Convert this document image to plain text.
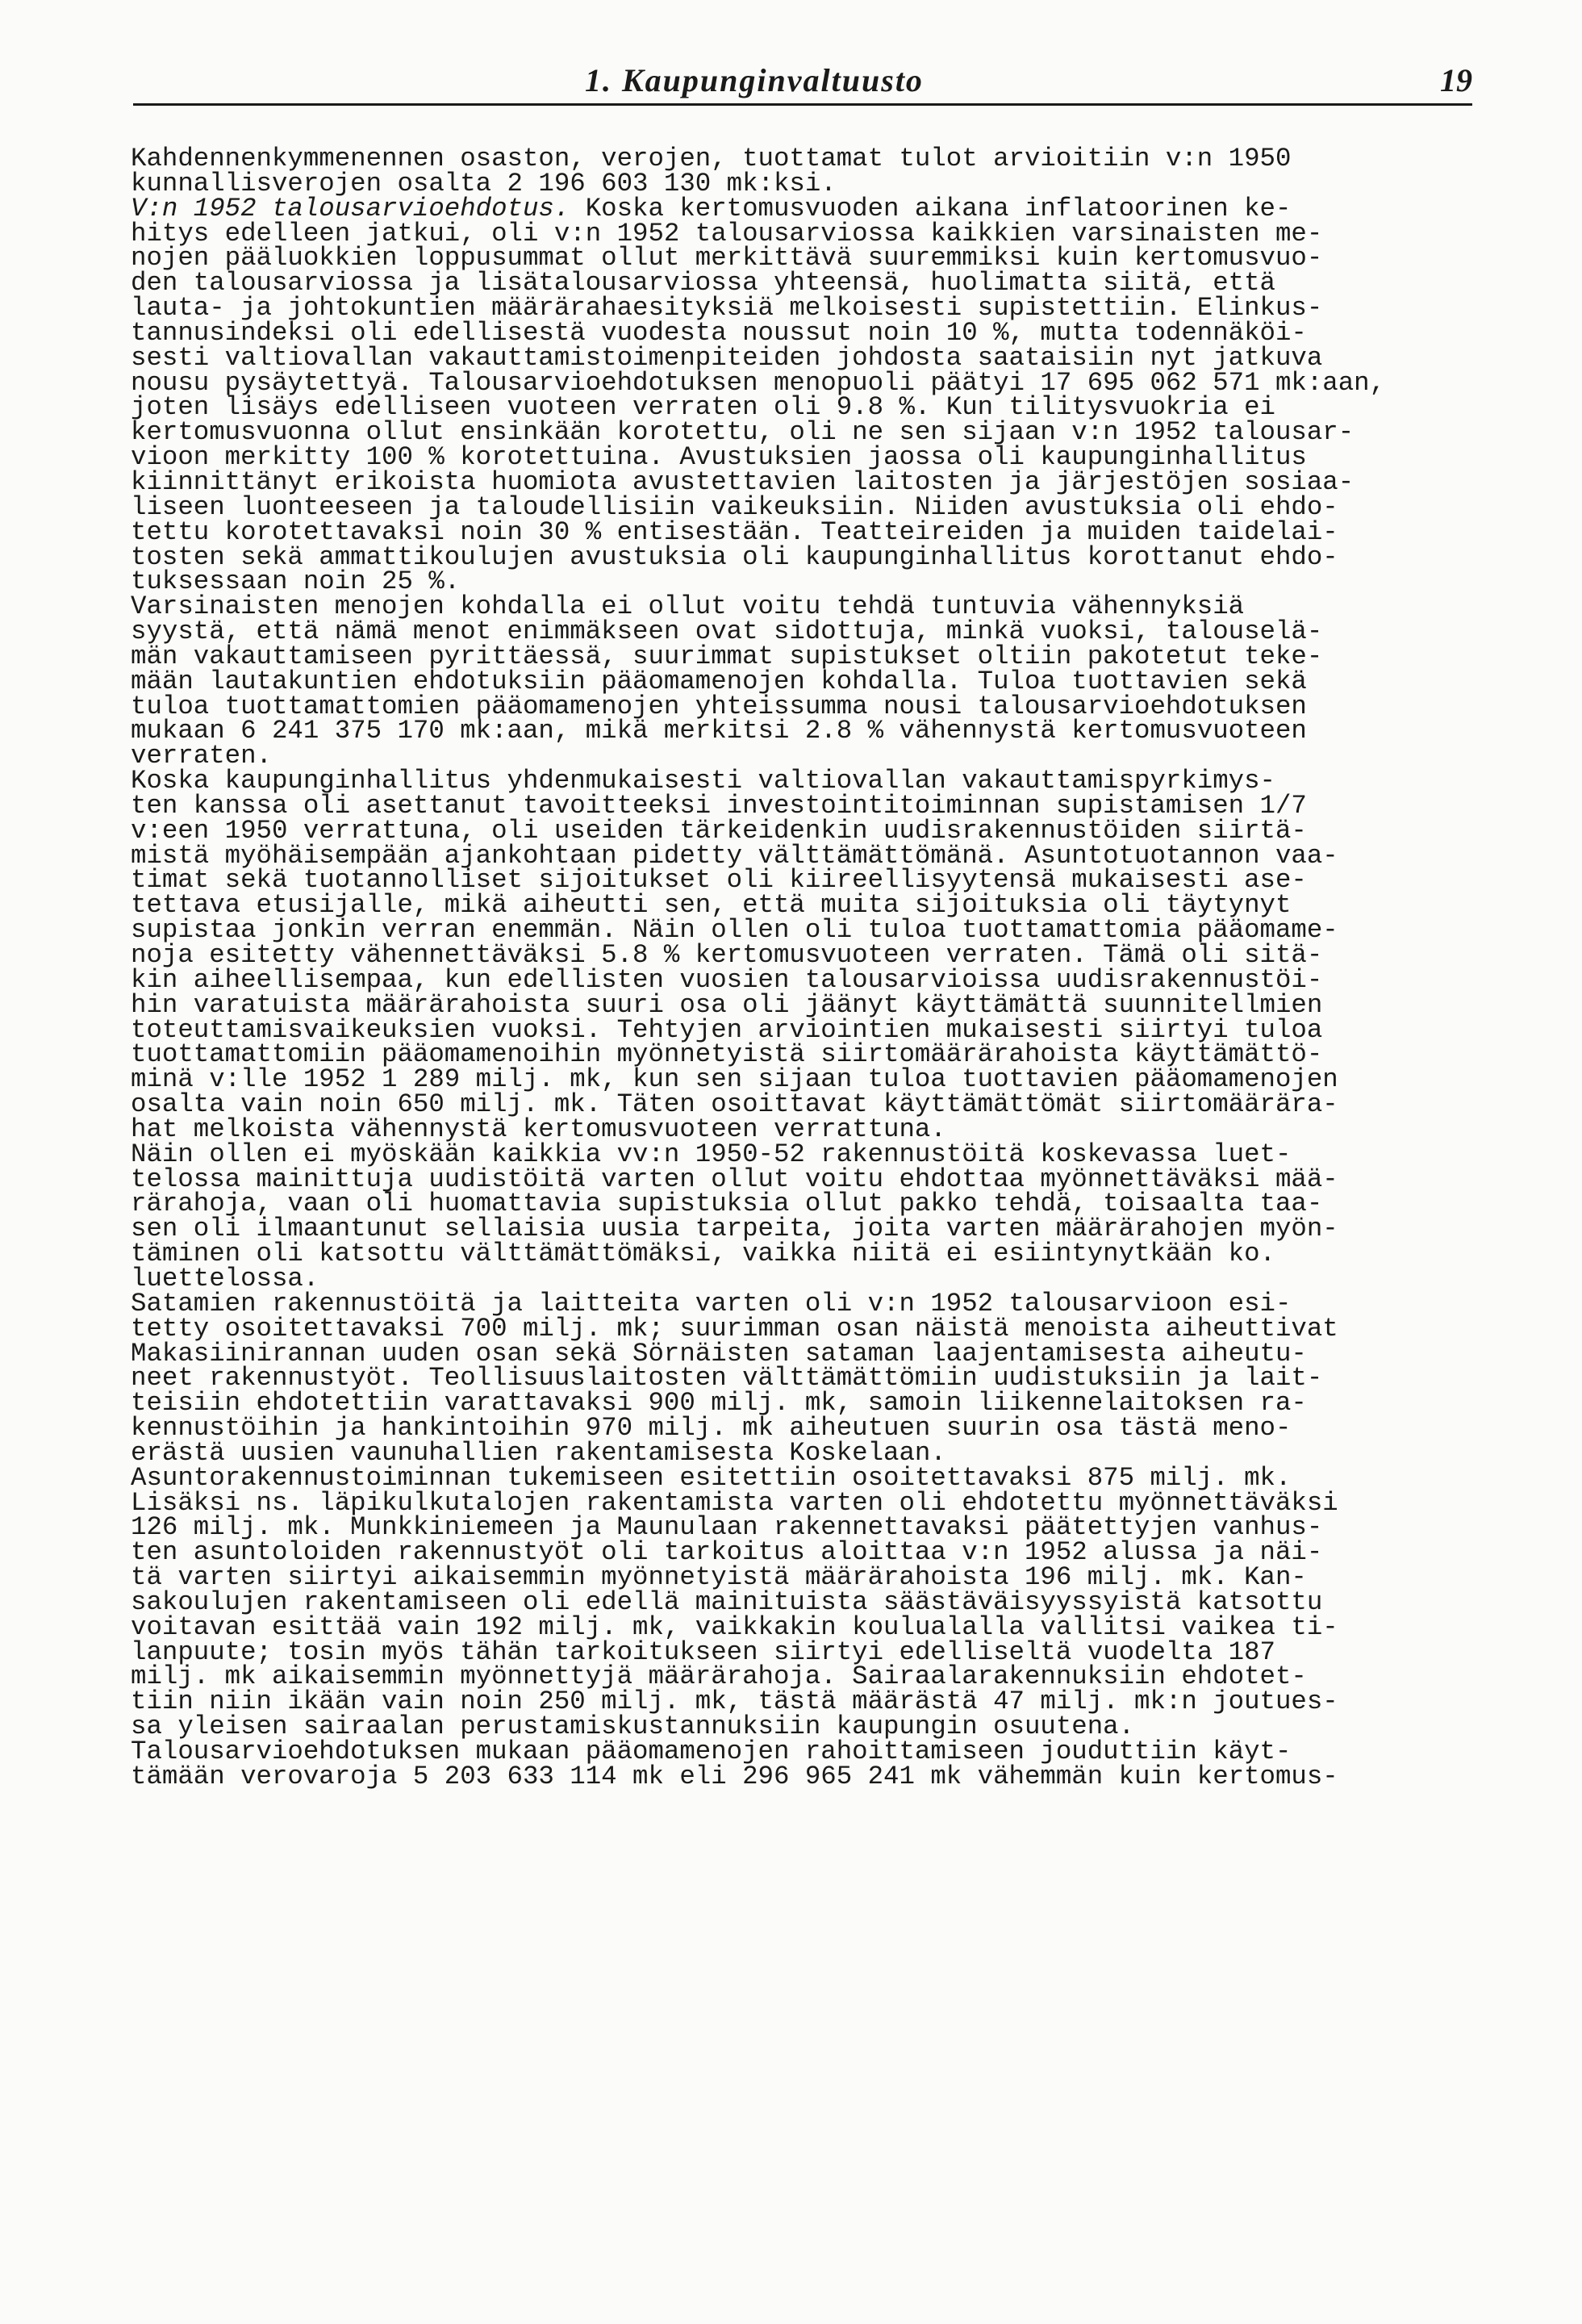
1. Kaupunginvaltuusto	19
Kahdennenkymmenennen osaston, verojen, tuottamat tulot arvioitiin v:n 1950
kunnallisverojen osalta 2 196 603 130 mk:ksi.
V:n 1952 talousarvioehdotus. Koska kertomusvuoden aikana inflatoorinen ke-
hitys edelleen jatkui, oli v:n 1952 talousarviossa kaikkien varsinaisten me-
nojen pääluokkien loppusummat ollut merkittävä suuremmiksi kuin kertomusvuo-
den talousarviossa ja lisätalousarviossa yhteensä, huolimatta siitä, että
lauta- ja johtokuntien määrärahaesityksiä melkoisesti supistettiin. Elinkus-
tannusindeksi oli edellisestä vuodesta noussut noin 10 %, mutta todennäköi-
sesti valtiovallan vakauttamistoimenpiteiden johdosta saataisiin nyt jatkuva
nousu pysäytettyä. Talousarvioehdotuksen menopuoli päätyi 17 695 062 571 mk:aan,
joten lisäys edelliseen vuoteen verraten oli 9.8 %. Kun tilitysvuokria ei
kertomusvuonna ollut ensinkään korotettu, oli ne sen sijaan v:n 1952 talousar-
vioon merkitty 100 % korotettuina. Avustuksien jaossa oli kaupunginhallitus
kiinnittänyt erikoista huomiota avustettavien laitosten ja järjestöjen sosiaa-
liseen luonteeseen ja taloudellisiin vaikeuksiin. Niiden avustuksia oli ehdo-
tettu korotettavaksi noin 30 % entisestään. Teatteireiden ja muiden taidelai-
tosten sekä ammattikoulujen avustuksia oli kaupunginhallitus korottanut ehdo-
tuksessaan noin 25 %.
Varsinaisten menojen kohdalla ei ollut voitu tehdä tuntuvia vähennyksiä
syystä, että nämä menot enimmäkseen ovat sidottuja, minkä vuoksi, talouselä-
män vakauttamiseen pyrittäessä, suurimmat supistukset oltiin pakotetut teke-
mään lautakuntien ehdotuksiin pääomamenojen kohdalla. Tuloa tuottavien sekä
tuloa tuottamattomien pääomamenojen yhteissumma nousi talousarvioehdotuksen
mukaan 6 241 375 170 mk:aan, mikä merkitsi 2.8 % vähennystä kertomusvuoteen
verraten.
Koska kaupunginhallitus yhdenmukaisesti valtiovallan vakauttamispyrkimys-
ten kanssa oli asettanut tavoitteeksi investointitoiminnan supistamisen 1/7
v:een 1950 verrattuna, oli useiden tärkeidenkin uudisrakennustöiden siirtä-
mistä myöhäisempään ajankohtaan pidetty välttämättömänä. Asuntotuotannon vaa-
timat sekä tuotannolliset sijoitukset oli kiireellisyytensä mukaisesti ase-
tettava etusijalle, mikä aiheutti sen, että muita sijoituksia oli täytynyt
supistaa jonkin verran enemmän. Näin ollen oli tuloa tuottamattomia pääomame-
noja esitetty vähennettäväksi 5.8 % kertomusvuoteen verraten. Tämä oli sitä-
kin aiheellisempaa, kun edellisten vuosien talousarvioissa uudisrakennustöi-
hin varatuista määrärahoista suuri osa oli jäänyt käyttämättä suunnitellmien
toteuttamisvaikeuksien vuoksi. Tehtyjen arviointien mukaisesti siirtyi tuloa
tuottamattomiin pääomamenoihin myönnetyistä siirtomäärärahoista käyttämättö-
minä v:lle 1952 1 289 milj. mk, kun sen sijaan tuloa tuottavien pääomamenojen
osalta vain noin 650 milj. mk. Täten osoittavat käyttämättömät siirtomäärära-
hat melkoista vähennystä kertomusvuoteen verrattuna.
Näin ollen ei myöskään kaikkia vv:n 1950-52 rakennustöitä koskevassa luet-
telossa mainittuja uudistöitä varten ollut voitu ehdottaa myönnettäväksi mää-
rärahoja, vaan oli huomattavia supistuksia ollut pakko tehdä, toisaalta taa-
sen oli ilmaantunut sellaisia uusia tarpeita, joita varten määrärahojen myön-
täminen oli katsottu välttämättömäksi, vaikka niitä ei esiintynytkään ko.
luettelossa.
Satamien rakennustöitä ja laitteita varten oli v:n 1952 talousarvioon esi-
tetty osoitettavaksi 700 milj. mk; suurimman osan näistä menoista aiheuttivat
Makasiinirannan uuden osan sekä Sörnäisten sataman laajentamisesta aiheutu-
neet rakennustyöt. Teollisuuslaitosten välttämättömiin uudistuksiin ja lait-
teisiin ehdotettiin varattavaksi 900 milj. mk, samoin liikennelaitoksen ra-
kennustöihin ja hankintoihin 970 milj. mk aiheutuen suurin osa tästä meno-
erästä uusien vaunuhallien rakentamisesta Koskelaan.
Asuntorakennustoiminnan tukemiseen esitettiin osoitettavaksi 875 milj. mk.
Lisäksi ns. läpikulkutalojen rakentamista varten oli ehdotettu myönnettäväksi
126 milj. mk. Munkkiniemeen ja Maunulaan rakennettavaksi päätettyjen vanhus-
ten asuntoloiden rakennustyöt oli tarkoitus aloittaa v:n 1952 alussa ja näi-
tä varten siirtyi aikaisemmin myönnetyistä määrärahoista 196 milj. mk. Kan-
sakoulujen rakentamiseen oli edellä mainituista säästäväisyyssyistä katsottu
voitavan esittää vain 192 milj. mk, vaikkakin koulualalla vallitsi vaikea ti-
lanpuute; tosin myös tähän tarkoitukseen siirtyi edelliseltä vuodelta 187
milj. mk aikaisemmin myönnettyjä määrärahoja. Sairaalarakennuksiin ehdotet-
tiin niin ikään vain noin 250 milj. mk, tästä määrästä 47 milj. mk:n joutues-
sa yleisen sairaalan perustamiskustannuksiin kaupungin osuutena.
Talousarvioehdotuksen mukaan pääomamenojen rahoittamiseen jouduttiin käyt-
tämään verovaroja 5 203 633 114 mk eli 296 965 241 mk vähemmän kuin kertomus-
